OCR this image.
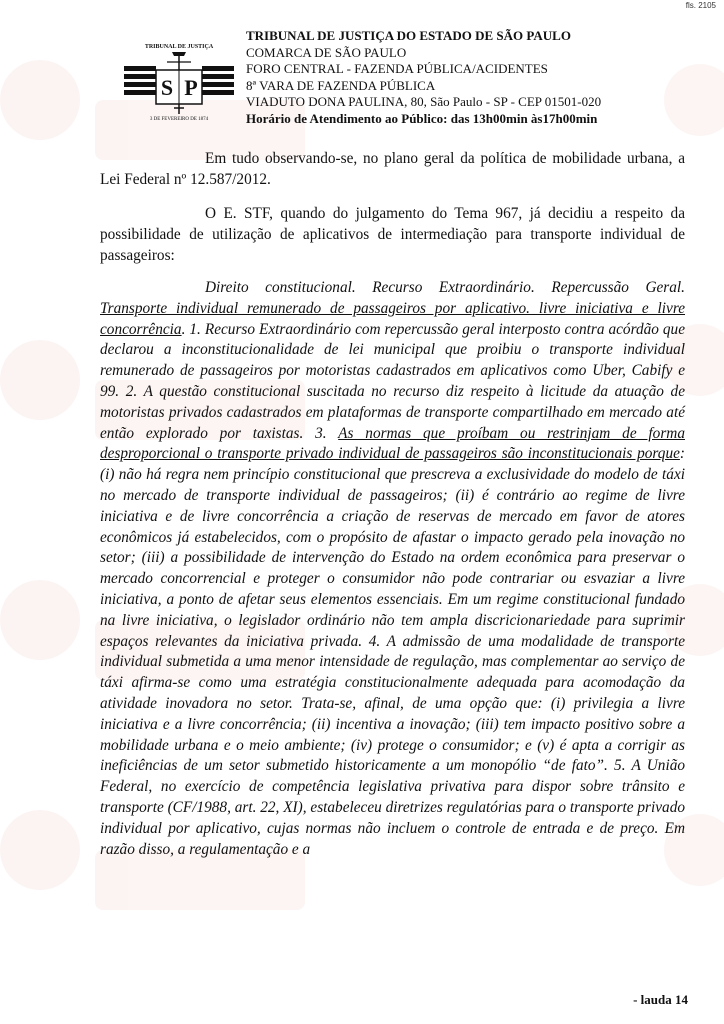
fls. 2105
TRIBUNAL DE JUSTIÇA
S P
3 DE FEVEREIRO DE 1874
TRIBUNAL DE JUSTIÇA DO ESTADO DE SÃO PAULO
COMARCA DE SÃO PAULO
FORO CENTRAL - FAZENDA PÚBLICA/ACIDENTES
8ª VARA DE FAZENDA PÚBLICA
VIADUTO DONA PAULINA, 80, São Paulo - SP - CEP 01501-020
Horário de Atendimento ao Público: das 13h00min às17h00min

Em tudo observando-se, no plano geral da política de mobilidade urbana, a Lei Federal nº 12.587/2012.

O E. STF, quando do julgamento do Tema 967, já decidiu a respeito da possibilidade de utilização de aplicativos de intermediação para transporte individual de passageiros:

Direito constitucional. Recurso Extraordinário. Repercussão Geral. Transporte individual remunerado de passageiros por aplicativo. livre iniciativa e livre concorrência. 1. Recurso Extraordinário com repercussão geral interposto contra acórdão que declarou a inconstitucionalidade de lei municipal que proibiu o transporte individual remunerado de passageiros por motoristas cadastrados em aplicativos como Uber, Cabify e 99. 2. A questão constitucional suscitada no recurso diz respeito à licitude da atuação de motoristas privados cadastrados em plataformas de transporte compartilhado em mercado até então explorado por taxistas. 3. As normas que proíbam ou restrinjam de forma desproporcional o transporte privado individual de passageiros são inconstitucionais porque: (i) não há regra nem princípio constitucional que prescreva a exclusividade do modelo de táxi no mercado de transporte individual de passageiros; (ii) é contrário ao regime de livre iniciativa e de livre concorrência a criação de reservas de mercado em favor de atores econômicos já estabelecidos, com o propósito de afastar o impacto gerado pela inovação no setor; (iii) a possibilidade de intervenção do Estado na ordem econômica para preservar o mercado concorrencial e proteger o consumidor não pode contrariar ou esvaziar a livre iniciativa, a ponto de afetar seus elementos essenciais. Em um regime constitucional fundado na livre iniciativa, o legislador ordinário não tem ampla discricionariedade para suprimir espaços relevantes da iniciativa privada. 4. A admissão de uma modalidade de transporte individual submetida a uma menor intensidade de regulação, mas complementar ao serviço de táxi afirma-se como uma estratégia constitucionalmente adequada para acomodação da atividade inovadora no setor. Trata-se, afinal, de uma opção que: (i) privilegia a livre iniciativa e a livre concorrência; (ii) incentiva a inovação; (iii) tem impacto positivo sobre a mobilidade urbana e o meio ambiente; (iv) protege o consumidor; e (v) é apta a corrigir as ineficiências de um setor submetido historicamente a um monopólio “de fato”. 5. A União Federal, no exercício de competência legislativa privativa para dispor sobre trânsito e transporte (CF/1988, art. 22, XI), estabeleceu diretrizes regulatórias para o transporte privado individual por aplicativo, cujas normas não incluem o controle de entrada e de preço. Em razão disso, a regulamentação e a

- lauda 14
